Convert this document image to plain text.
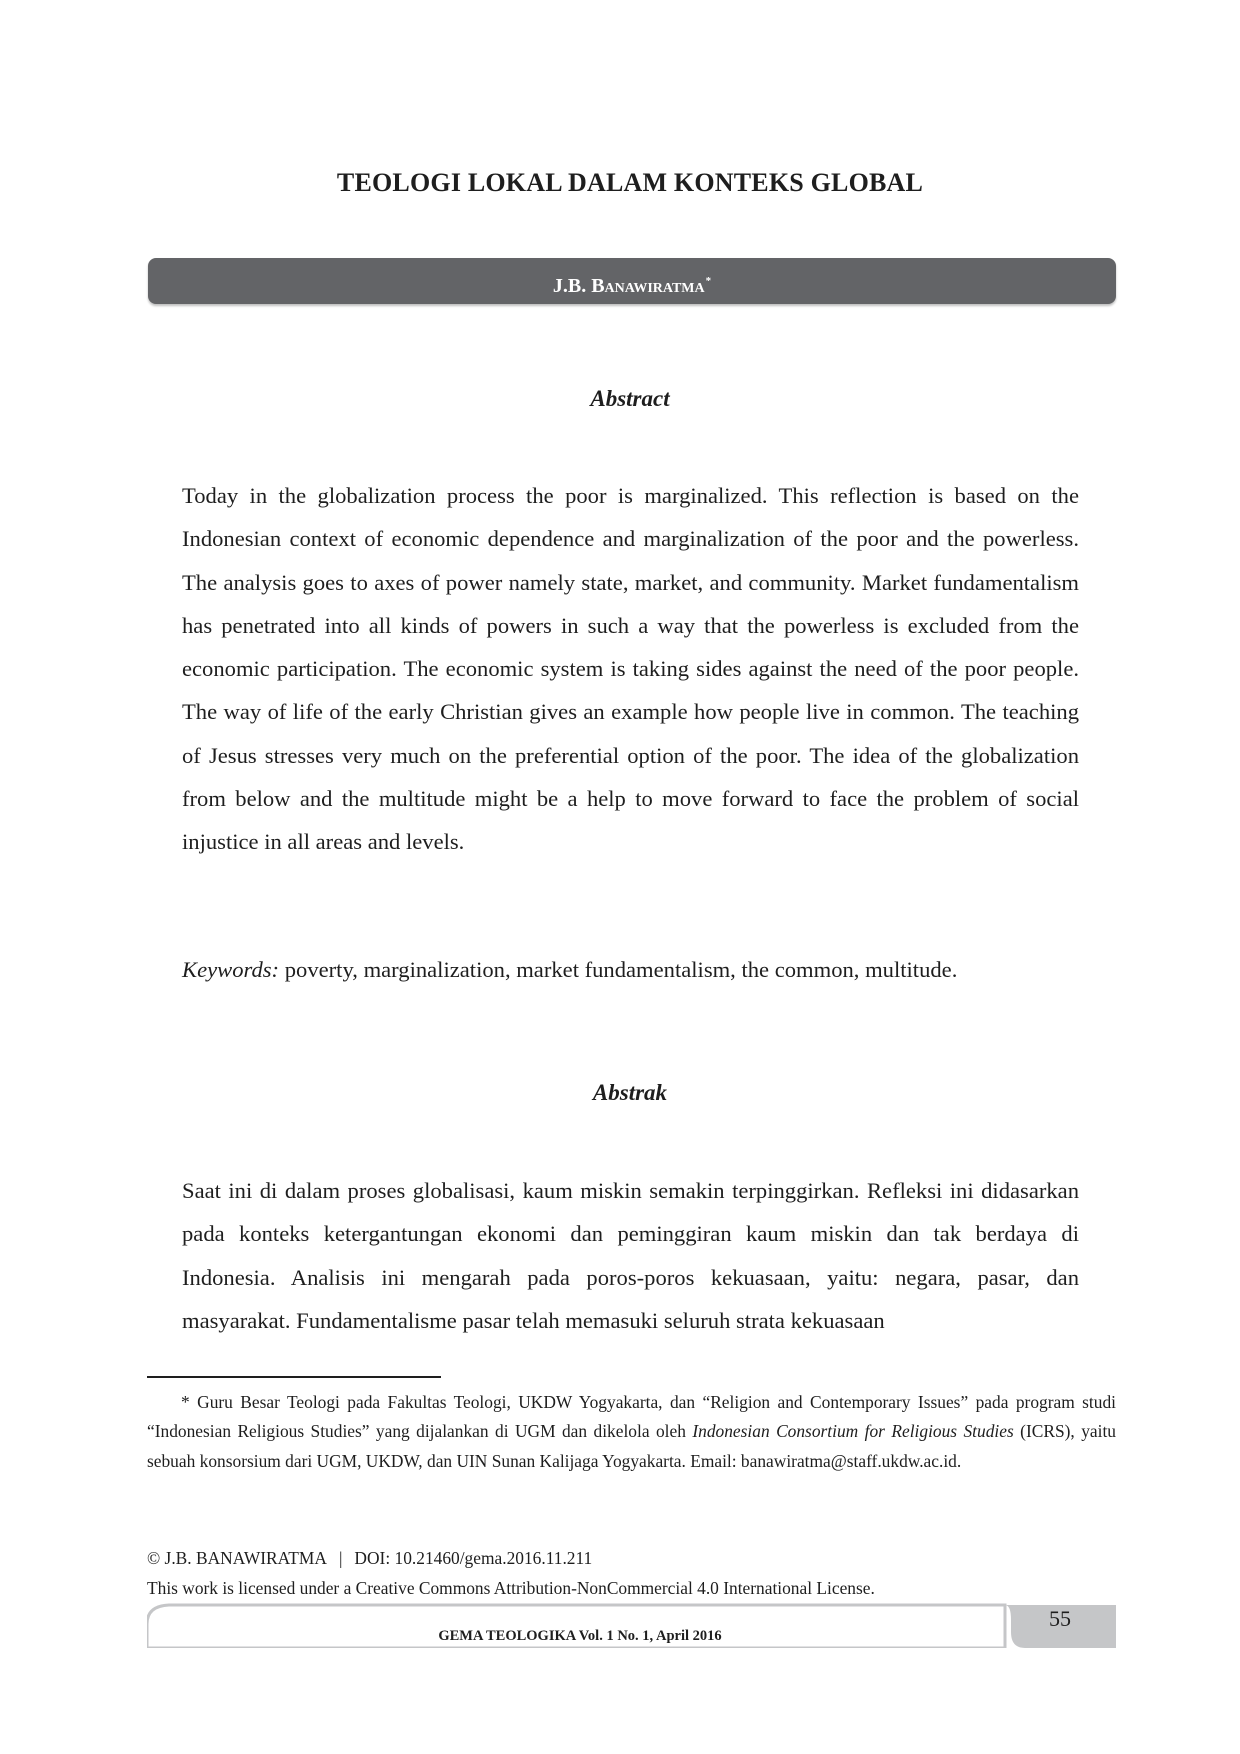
TEOLOGI LOKAL DALAM KONTEKS GLOBAL
J.B. Banawiratma*
Abstract

Today in the globalization process the poor is marginalized. This reflection is based on the Indonesian context of economic dependence and marginalization of the poor and the powerless. The analysis goes to axes of power namely state, market, and community. Market fundamentalism has penetrated into all kinds of powers in such a way that the powerless is excluded from the economic participation. The economic system is taking sides against the need of the poor people. The way of life of the early Christian gives an example how people live in common. The teaching of Jesus stresses very much on the preferential option of the poor. The idea of the globalization from below and the multitude might be a help to move forward to face the problem of social injustice in all areas and levels.

Keywords: poverty, marginalization, market fundamentalism, the common, multitude.
Abstrak

Saat ini di dalam proses globalisasi, kaum miskin semakin terpinggirkan. Refleksi ini didasarkan pada konteks ketergantungan ekonomi dan peminggiran kaum miskin dan tak berdaya di Indonesia. Analisis ini mengarah pada poros-poros kekuasaan, yaitu: negara, pasar, dan masyarakat. Fundamentalisme pasar telah memasuki seluruh strata kekuasaan

* Guru Besar Teologi pada Fakultas Teologi, UKDW Yogyakarta, dan “Religion and Contemporary Issues” pada program studi “Indonesian Religious Studies” yang dijalankan di UGM dan dikelola oleh Indonesian Consortium for Religious Studies (ICRS), yaitu sebuah konsorsium dari UGM, UKDW, dan UIN Sunan Kalijaga Yogyakarta. Email: banawiratma@staff.ukdw.ac.id.

© J.B. BANAWIRATMA | DOI: 10.21460/gema.2016.11.211
This work is licensed under a Creative Commons Attribution-NonCommercial 4.0 International License.
GEMA TEOLOGIKA Vol. 1 No. 1, April 2016
55
